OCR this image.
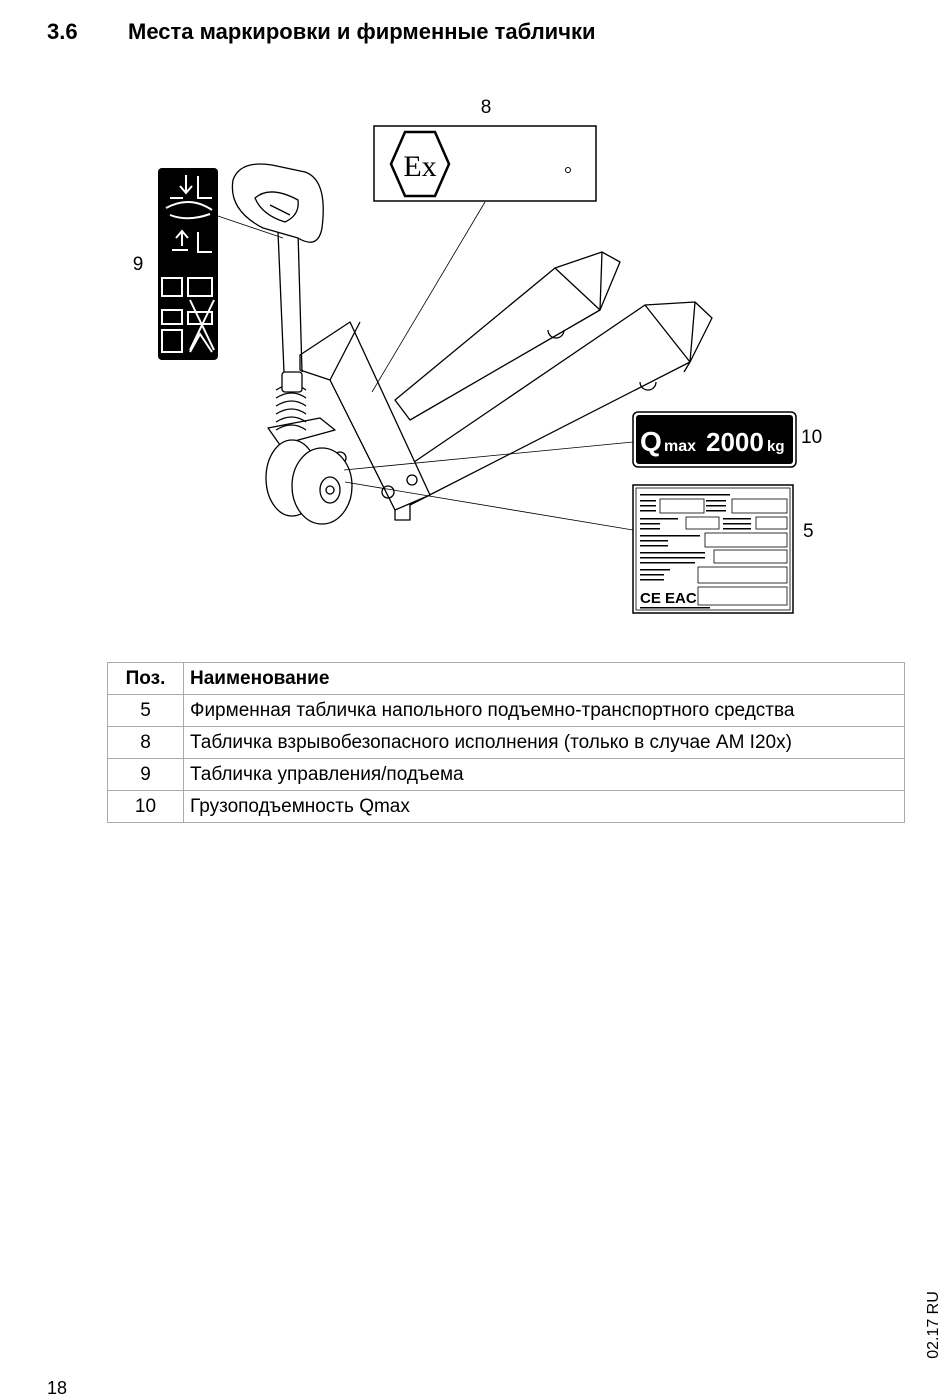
3.6 Места маркировки и фирменные таблички
Ex
Q max 2000 kg
CE EAC
8
9
10
5
Поз.	Наименование
5	Фирменная табличка напольного подъемно-транспортного средства
8	Табличка взрывобезопасного исполнения (только в случае AM I20x)
9	Табличка управления/подъема
10	Грузоподъемность Qmax
02.17 RU
18
